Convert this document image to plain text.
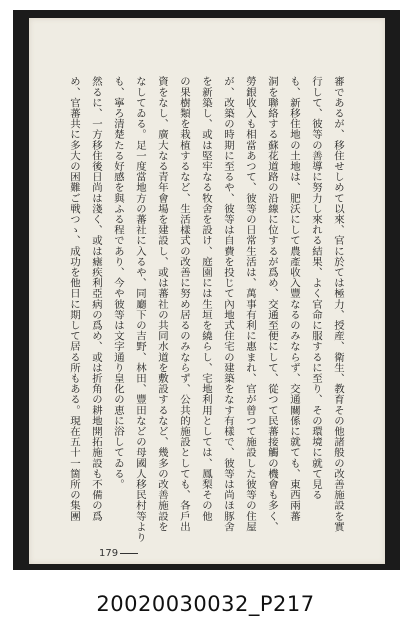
審であるが、移住せしめて以來、官に於ては極力、授産、衛生、教育その他諸般の改善施設を實
行して、彼等の善導に努力し來れる結果、よく官命に服するに至り、その環境に就て見る
も、新移住地の土地は、肥沃にして農產收入豐なるのみならず、交通關係に就ても、東西兩蕃
洞を聯絡する蘇花道路の沿線に位するが爲め、交通至便にして、從つて民蕃接觸の機會も多く、
勞銀收入も相當あつて、彼等の日常生活は、萬事有利に惠まれ、官が曾つて施設した彼等の住屋
が、改築の時期に至るや、彼等は自費を投じて內地式住宅の建築をなす有樣で、彼等は尚ほ豚舍
を新築し、或は堅牢なる牧舍を設け、庭園には生垣を繞らし、宅地利用としては、鳳梨その他
の果樹類を栽植するなど、生活樣式の改善に努め居るのみならず、公共的施設としても、各戶出
資をなし、廣大なる青年會場を建設し、或は蕃社の共同水道を敷設するなど、幾多の改善施設を
なしてゐる。足一度當地方の蕃社に入るや、同廳下の吉野、林田、豐田などの母國人移民村等より
も、寧ろ清楚たる好感を與ふる程であり、今や彼等は文字通り皇化の恵に浴してゐる。
然るに、一方移住後日尚は淺く、或は瘧疾利亞病の爲め、或は折角の耕地開拓施設も不備の爲
め、官蕃共に多大の困難ご戦つゝ、成功を他日に期して居る所もある。現在五十一箇所の集團
179
20020030032_P217
